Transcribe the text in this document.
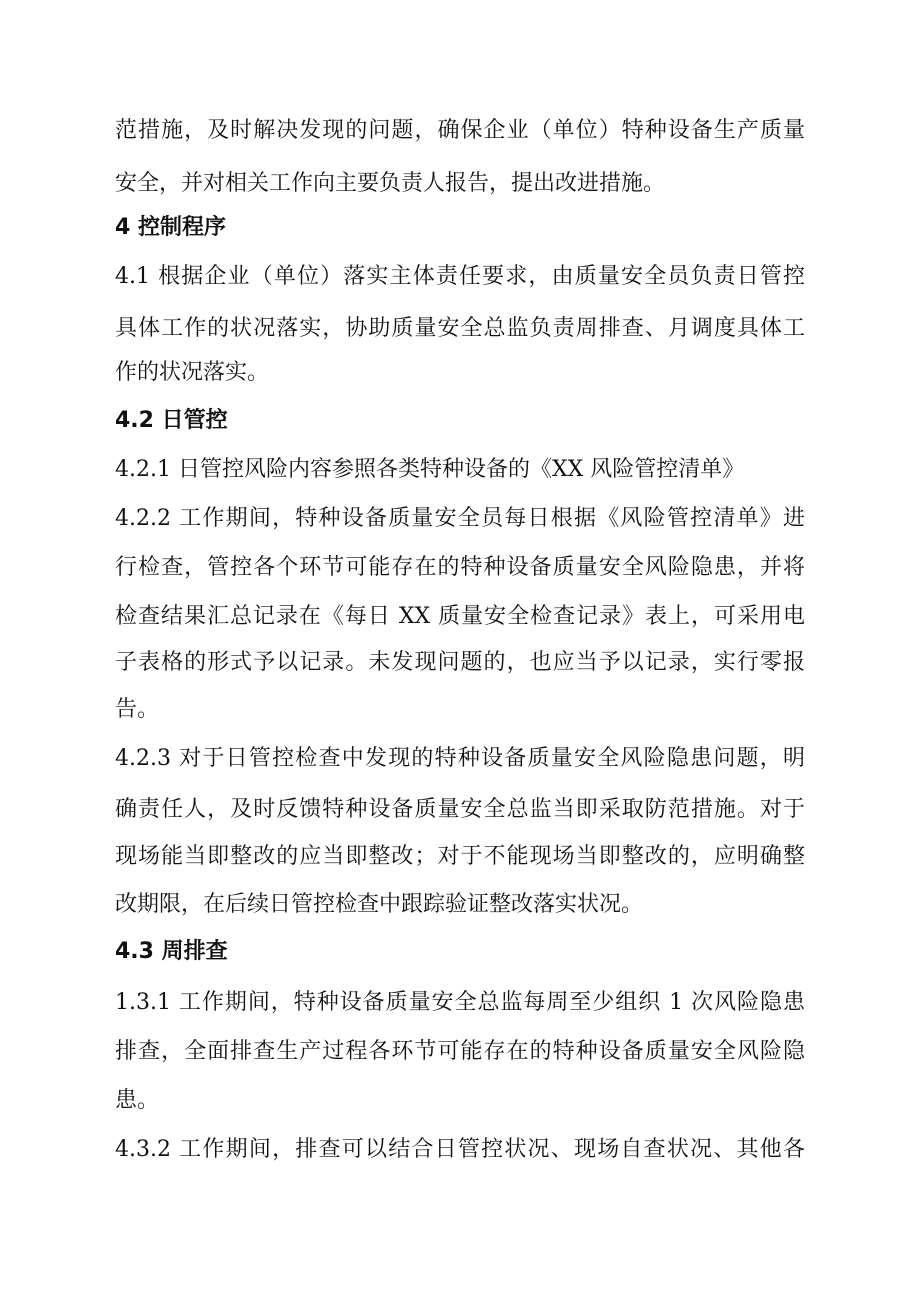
范措施，及时解决发现的问题，确保企业（单位）特种设备生产质量
安全，并对相关工作向主要负责人报告，提出改进措施。
4 控制程序
4.1 根据企业（单位）落实主体责任要求，由质量安全员负责日管控
具体工作的状况落实，协助质量安全总监负责周排查、月调度具体工
作的状况落实。
4.2 日管控
4.2.1 日管控风险内容参照各类特种设备的《XX 风险管控清单》
4.2.2 工作期间，特种设备质量安全员每日根据《风险管控清单》进
行检查，管控各个环节可能存在的特种设备质量安全风险隐患，并将
检查结果汇总记录在《每日 XX 质量安全检查记录》表上，可采用电
子表格的形式予以记录。未发现问题的，也应当予以记录，实行零报
告。
4.2.3 对于日管控检查中发现的特种设备质量安全风险隐患问题，明
确责任人，及时反馈特种设备质量安全总监当即采取防范措施。对于
现场能当即整改的应当即整改；对于不能现场当即整改的，应明确整
改期限，在后续日管控检查中跟踪验证整改落实状况。
4.3 周排查
1.3.1 工作期间，特种设备质量安全总监每周至少组织 1 次风险隐患
排查，全面排查生产过程各环节可能存在的特种设备质量安全风险隐
患。
4.3.2 工作期间，排查可以结合日管控状况、现场自查状况、其他各
